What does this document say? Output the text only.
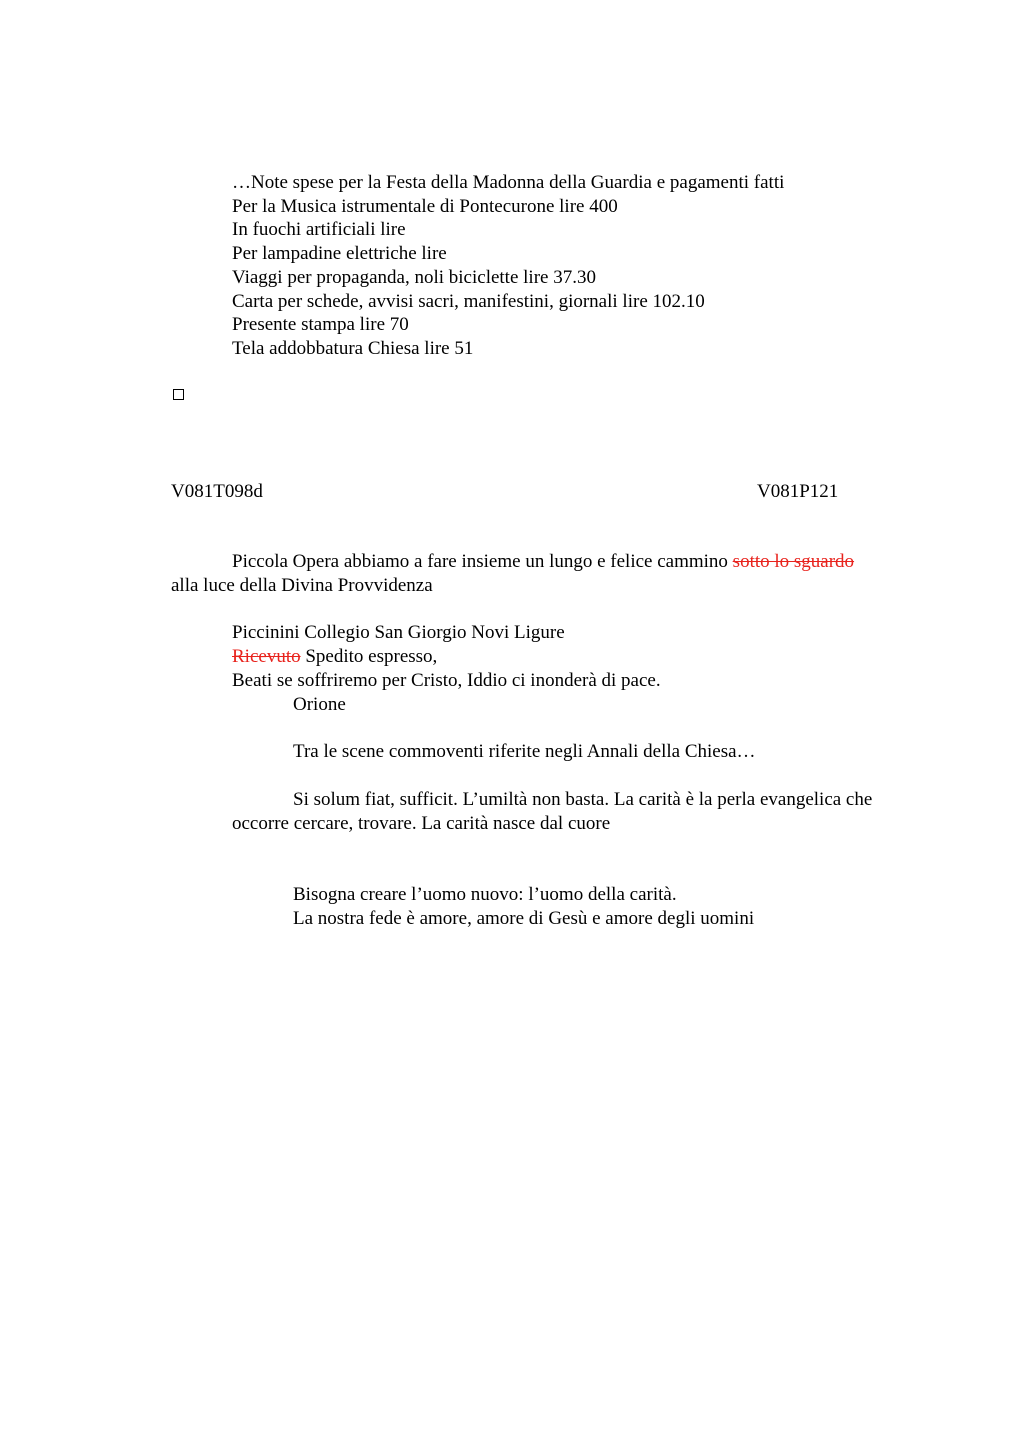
…Note spese per la Festa della Madonna della Guardia e pagamenti fatti
Per la Musica istrumentale di Pontecurone lire 400
In fuochi artificiali lire
Per lampadine elettriche lire
Viaggi per propaganda, noli biciclette lire 37.30
Carta per schede, avvisi sacri, manifestini, giornali lire 102.10
Presente stampa lire 70
Tela addobbatura Chiesa lire 51
V081T098d	V081P121
Piccola Opera abbiamo a fare insieme un lungo e felice cammino sotto lo sguardo
alla luce della Divina Provvidenza
Piccinini Collegio San Giorgio Novi Ligure
Ricevuto Spedito espresso,
Beati se soffriremo per Cristo, Iddio ci inonderà di pace.
Orione
Tra le scene commoventi riferite negli Annali della Chiesa…
Si solum fiat, sufficit. L’umiltà non basta. La carità è la perla evangelica che
occorre cercare, trovare. La carità nasce dal cuore
Bisogna creare l’uomo nuovo: l’uomo della carità.
La nostra fede è amore, amore di Gesù e amore degli uomini
